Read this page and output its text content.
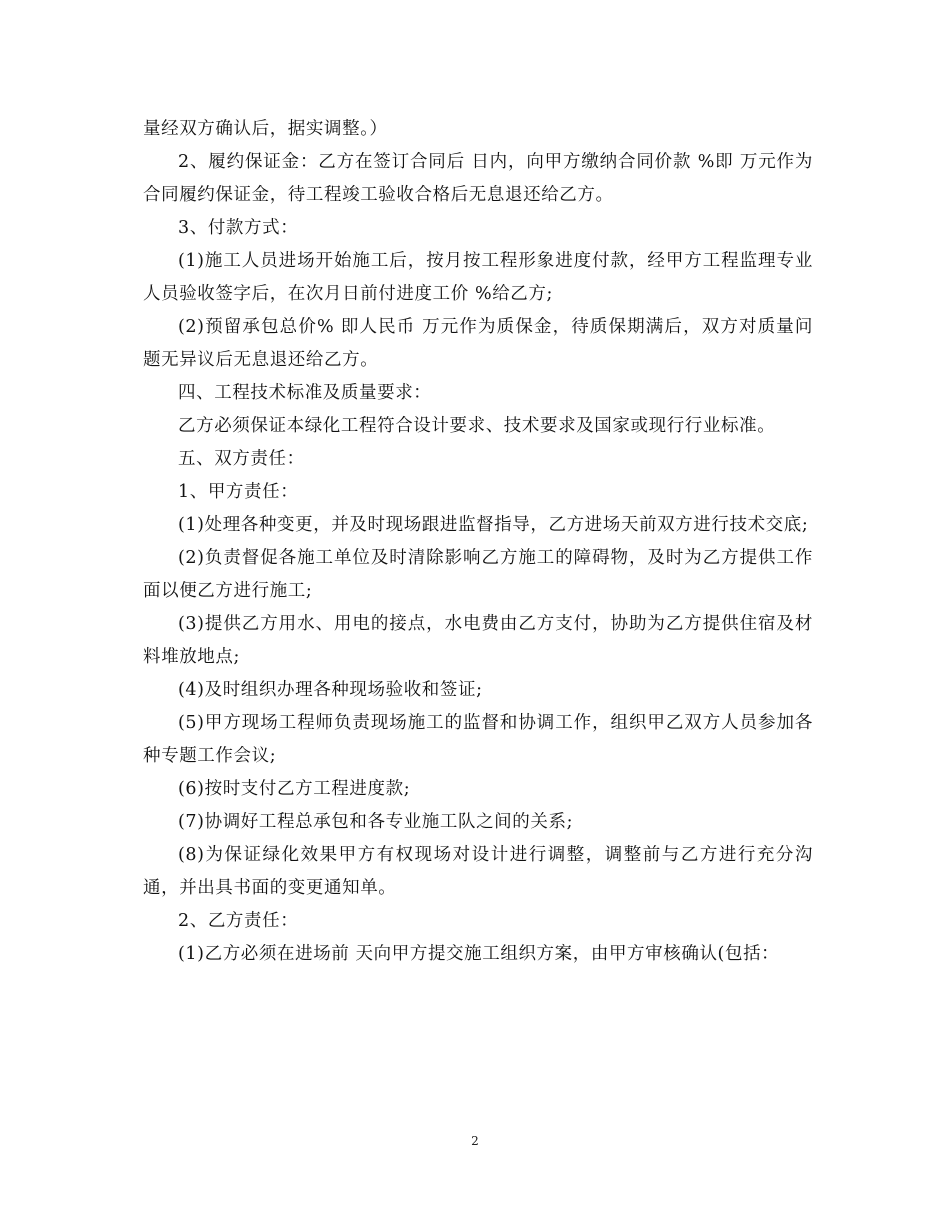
量经双方确认后，据实调整。）

2、履约保证金：乙方在签订合同后 日内，向甲方缴纳合同价款 %即 万元作为合同履约保证金，待工程竣工验收合格后无息退还给乙方。

3、付款方式：

(1)施工人员进场开始施工后，按月按工程形象进度付款，经甲方工程监理专业人员验收签字后，在次月日前付进度工价 %给乙方;

(2)预留承包总价% 即人民币 万元作为质保金，待质保期满后，双方对质量问题无异议后无息退还给乙方。

四、工程技术标准及质量要求：

乙方必须保证本绿化工程符合设计要求、技术要求及国家或现行行业标准。

五、双方责任：

1、甲方责任：

(1)处理各种变更，并及时现场跟进监督指导，乙方进场天前双方进行技术交底;

(2)负责督促各施工单位及时清除影响乙方施工的障碍物，及时为乙方提供工作面以便乙方进行施工;

(3)提供乙方用水、用电的接点，水电费由乙方支付，协助为乙方提供住宿及材料堆放地点;

(4)及时组织办理各种现场验收和签证;

(5)甲方现场工程师负责现场施工的监督和协调工作，组织甲乙双方人员参加各种专题工作会议;

(6)按时支付乙方工程进度款;

(7)协调好工程总承包和各专业施工队之间的关系;

(8)为保证绿化效果甲方有权现场对设计进行调整，调整前与乙方进行充分沟通，并出具书面的变更通知单。

2、乙方责任：

(1)乙方必须在进场前 天向甲方提交施工组织方案，由甲方审核确认(包括：

2
